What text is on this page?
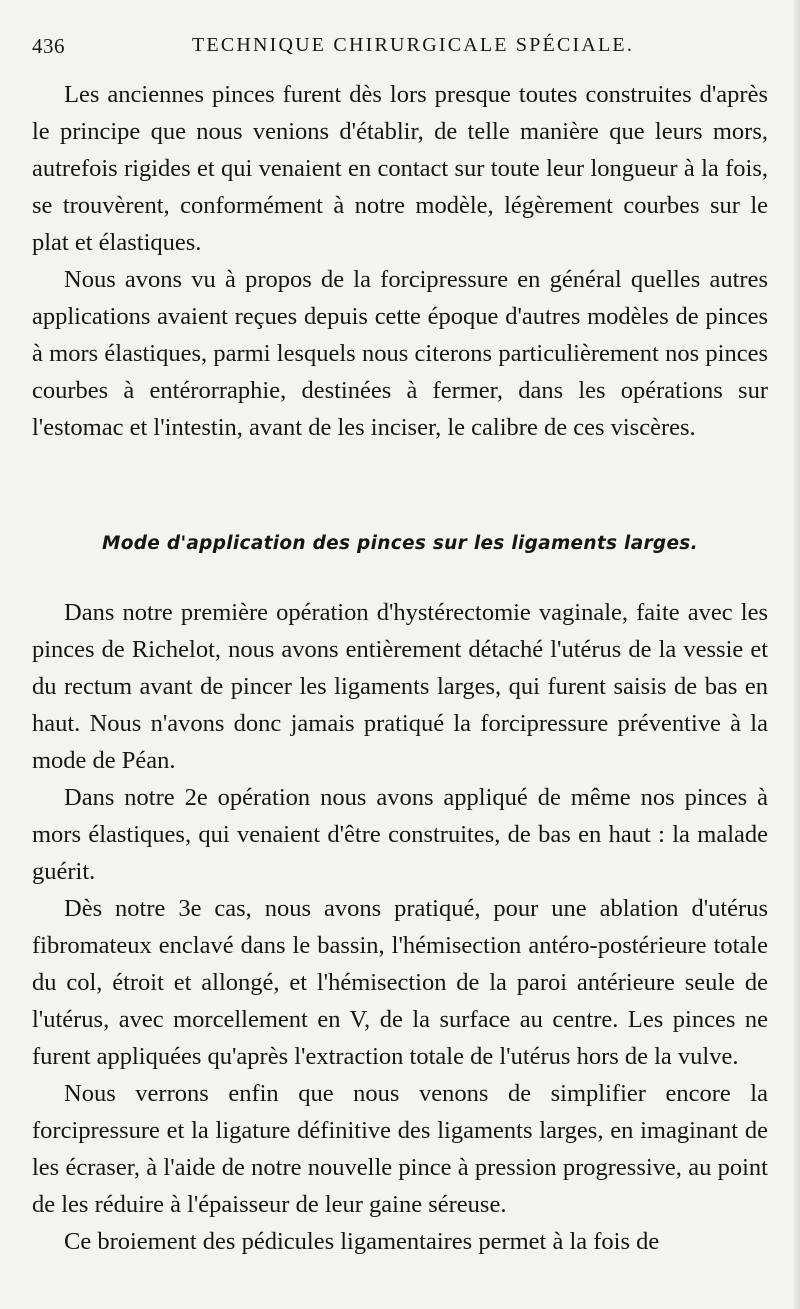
436	TECHNIQUE CHIRURGICALE SPÉCIALE.

Les anciennes pinces furent dès lors presque toutes construites d'après le principe que nous venions d'établir, de telle manière que leurs mors, autrefois rigides et qui venaient en contact sur toute leur longueur à la fois, se trouvèrent, conformément à notre modèle, légèrement courbes sur le plat et élastiques.

Nous avons vu à propos de la forcipressure en général quelles autres applications avaient reçues depuis cette époque d'autres modèles de pinces à mors élastiques, parmi lesquels nous citerons particulièrement nos pinces courbes à entérorraphie, destinées à fermer, dans les opérations sur l'estomac et l'intestin, avant de les inciser, le calibre de ces viscères.

Mode d'application des pinces sur les ligaments larges.

Dans notre première opération d'hystérectomie vaginale, faite avec les pinces de Richelot, nous avons entièrement détaché l'utérus de la vessie et du rectum avant de pincer les ligaments larges, qui furent saisis de bas en haut. Nous n'avons donc jamais pratiqué la forcipressure préventive à la mode de Péan.

Dans notre 2e opération nous avons appliqué de même nos pinces à mors élastiques, qui venaient d'être construites, de bas en haut : la malade guérit.

Dès notre 3e cas, nous avons pratiqué, pour une ablation d'utérus fibromateux enclavé dans le bassin, l'hémisection antéro-postérieure totale du col, étroit et allongé, et l'hémisection de la paroi antérieure seule de l'utérus, avec morcellement en V, de la surface au centre. Les pinces ne furent appliquées qu'après l'extraction totale de l'utérus hors de la vulve.

Nous verrons enfin que nous venons de simplifier encore la forcipressure et la ligature définitive des ligaments larges, en imaginant de les écraser, à l'aide de notre nouvelle pince à pression progressive, au point de les réduire à l'épaisseur de leur gaine séreuse.

Ce broiement des pédicules ligamentaires permet à la fois de
